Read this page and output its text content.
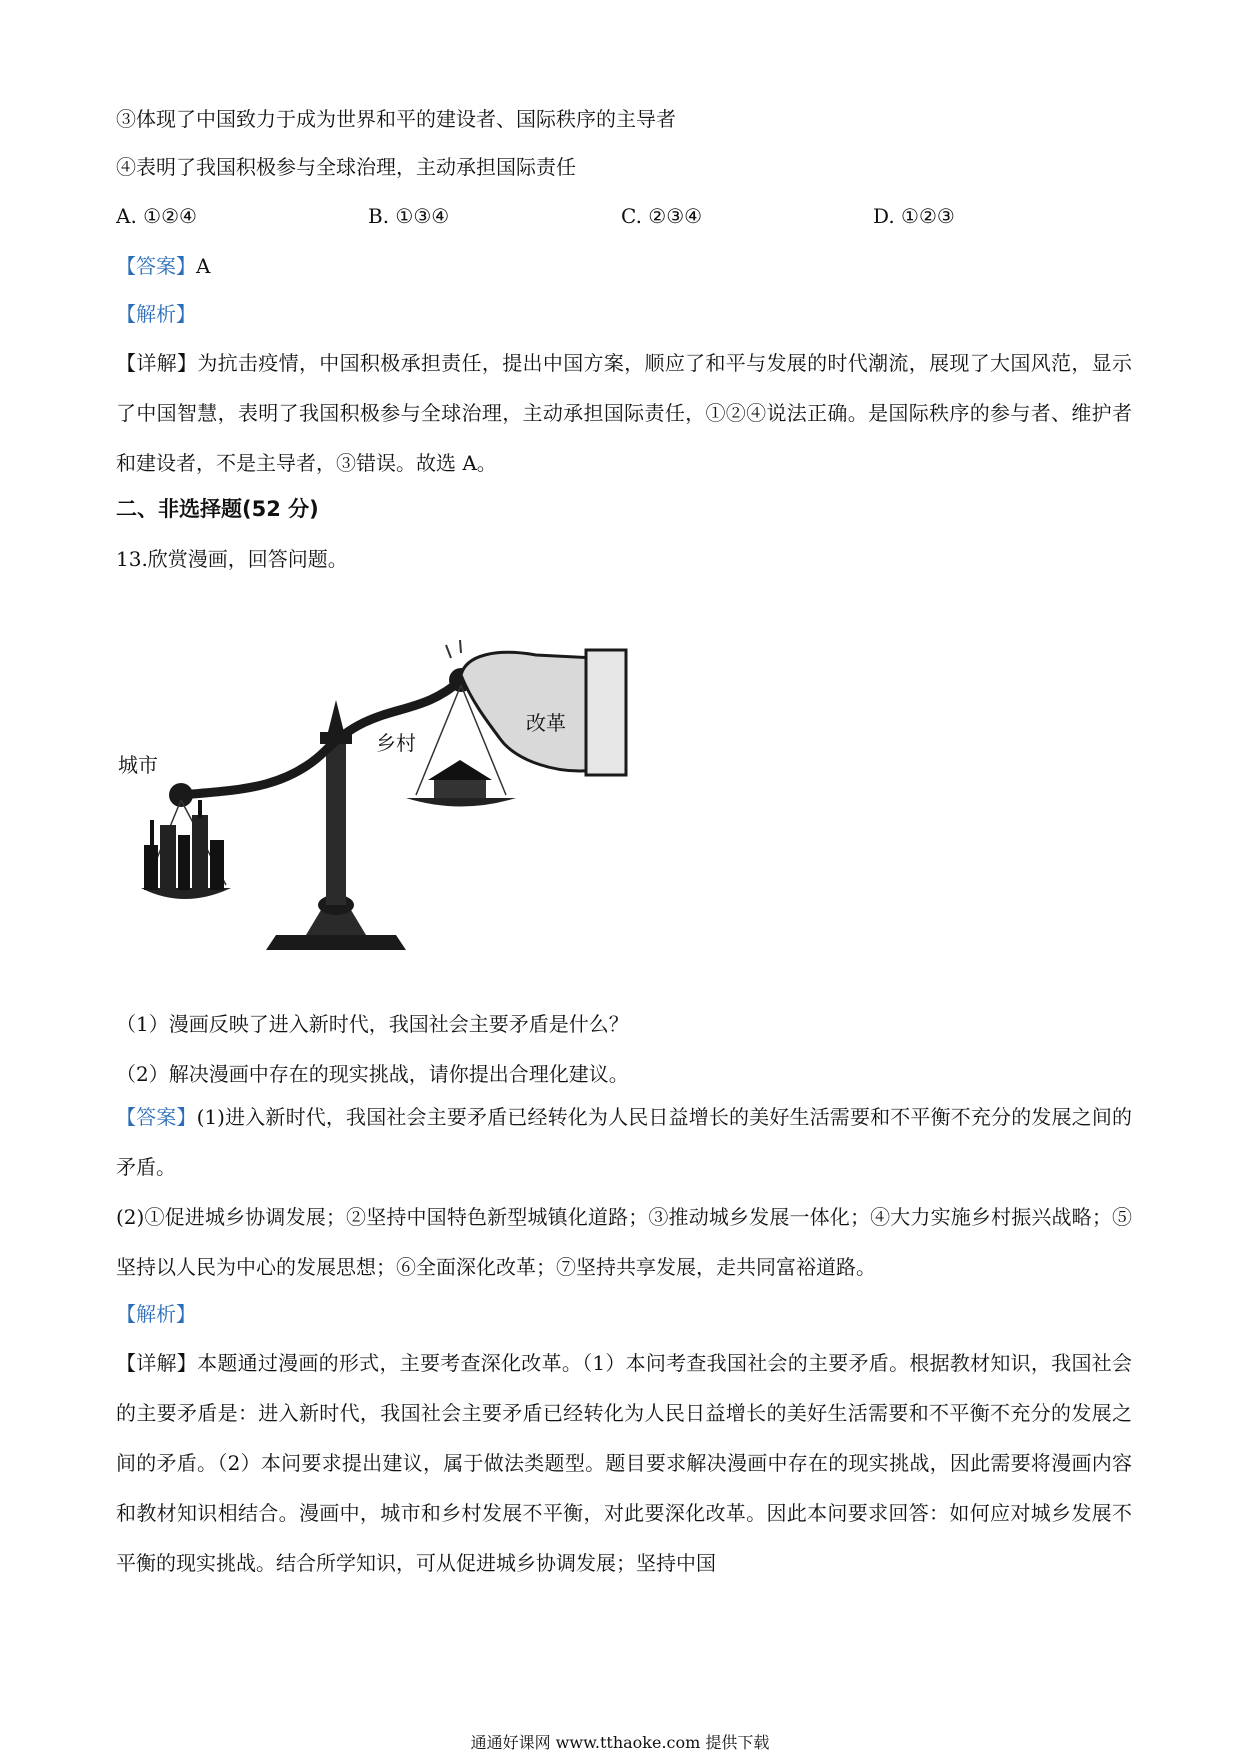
③体现了中国致力于成为世界和平的建设者、国际秩序的主导者
④表明了我国积极参与全球治理，主动承担国际责任
A. ①②④	B. ①③④	C. ②③④	D. ①②③
【答案】A
【解析】
【详解】为抗击疫情，中国积极承担责任，提出中国方案，顺应了和平与发展的时代潮流，展现了大国风范，显示了中国智慧，表明了我国积极参与全球治理，主动承担国际责任，①②④说法正确。是国际秩序的参与者、维护者和建设者，不是主导者，③错误。故选 A。
二、非选择题(52 分)
13.欣赏漫画，回答问题。
城市
乡村
改革
（1）漫画反映了进入新时代，我国社会主要矛盾是什么？
（2）解决漫画中存在的现实挑战，请你提出合理化建议。
【答案】(1)进入新时代，我国社会主要矛盾已经转化为人民日益增长的美好生活需要和不平衡不充分的发展之间的矛盾。
(2)①促进城乡协调发展；②坚持中国特色新型城镇化道路；③推动城乡发展一体化；④大力实施乡村振兴战略；⑤坚持以人民为中心的发展思想；⑥全面深化改革；⑦坚持共享发展，走共同富裕道路。
【解析】
【详解】本题通过漫画的形式，主要考查深化改革。（1）本问考查我国社会的主要矛盾。根据教材知识，我国社会的主要矛盾是：进入新时代，我国社会主要矛盾已经转化为人民日益增长的美好生活需要和不平衡不充分的发展之间的矛盾。（2）本问要求提出建议，属于做法类题型。题目要求解决漫画中存在的现实挑战，因此需要将漫画内容和教材知识相结合。漫画中，城市和乡村发展不平衡，对此要深化改革。因此本问要求回答：如何应对城乡发展不平衡的现实挑战。结合所学知识，可从促进城乡协调发展；坚持中国
通通好课网 www.tthaoke.com 提供下载
